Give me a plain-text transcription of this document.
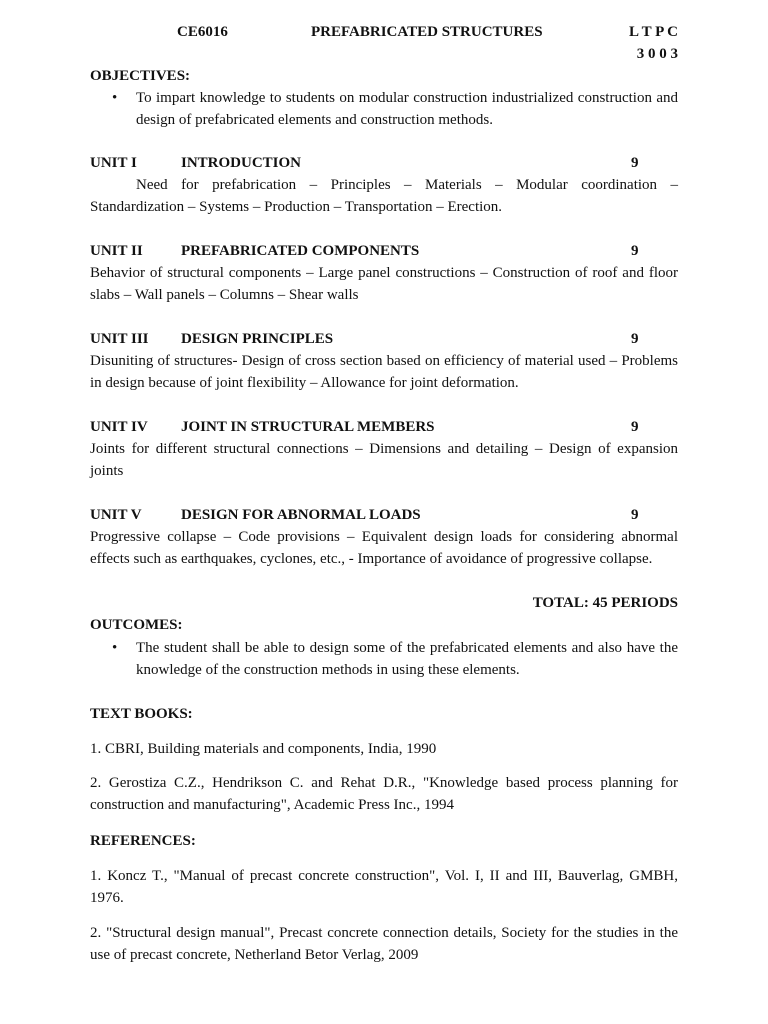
CE6016	PREFABRICATED STRUCTURES	L T P C
3 0 0 3
OBJECTIVES:
• To impart knowledge to students on modular construction industrialized construction and design of prefabricated elements and construction methods.
UNIT I	INTRODUCTION	9
Need for prefabrication – Principles – Materials – Modular coordination – Standardization – Systems – Production – Transportation – Erection.
UNIT II	PREFABRICATED COMPONENTS	9
Behavior of structural components – Large panel constructions – Construction of roof and floor slabs – Wall panels – Columns – Shear walls
UNIT III DESIGN PRINCIPLES	9
Disuniting of structures- Design of cross section based on efficiency of material used – Problems in design because of joint flexibility – Allowance for joint deformation.
UNIT IV JOINT IN STRUCTURAL MEMBERS	9
Joints for different structural connections – Dimensions and detailing – Design of expansion joints
UNIT V	DESIGN FOR ABNORMAL LOADS	9
Progressive collapse – Code provisions – Equivalent design loads for considering abnormal effects such as earthquakes, cyclones, etc., - Importance of avoidance of progressive collapse.
TOTAL: 45 PERIODS
OUTCOMES:
• The student shall be able to design some of the prefabricated elements and also have the knowledge of the construction methods in using these elements.
TEXT BOOKS:
1. CBRI, Building materials and components, India, 1990
2. Gerostiza C.Z., Hendrikson C. and Rehat D.R., "Knowledge based process planning for construction and manufacturing", Academic Press Inc., 1994
REFERENCES:
1. Koncz T., "Manual of precast concrete construction", Vol. I, II and III, Bauverlag, GMBH, 1976.
2. "Structural design manual", Precast concrete connection details, Society for the studies in the use of precast concrete, Netherland Betor Verlag, 2009
